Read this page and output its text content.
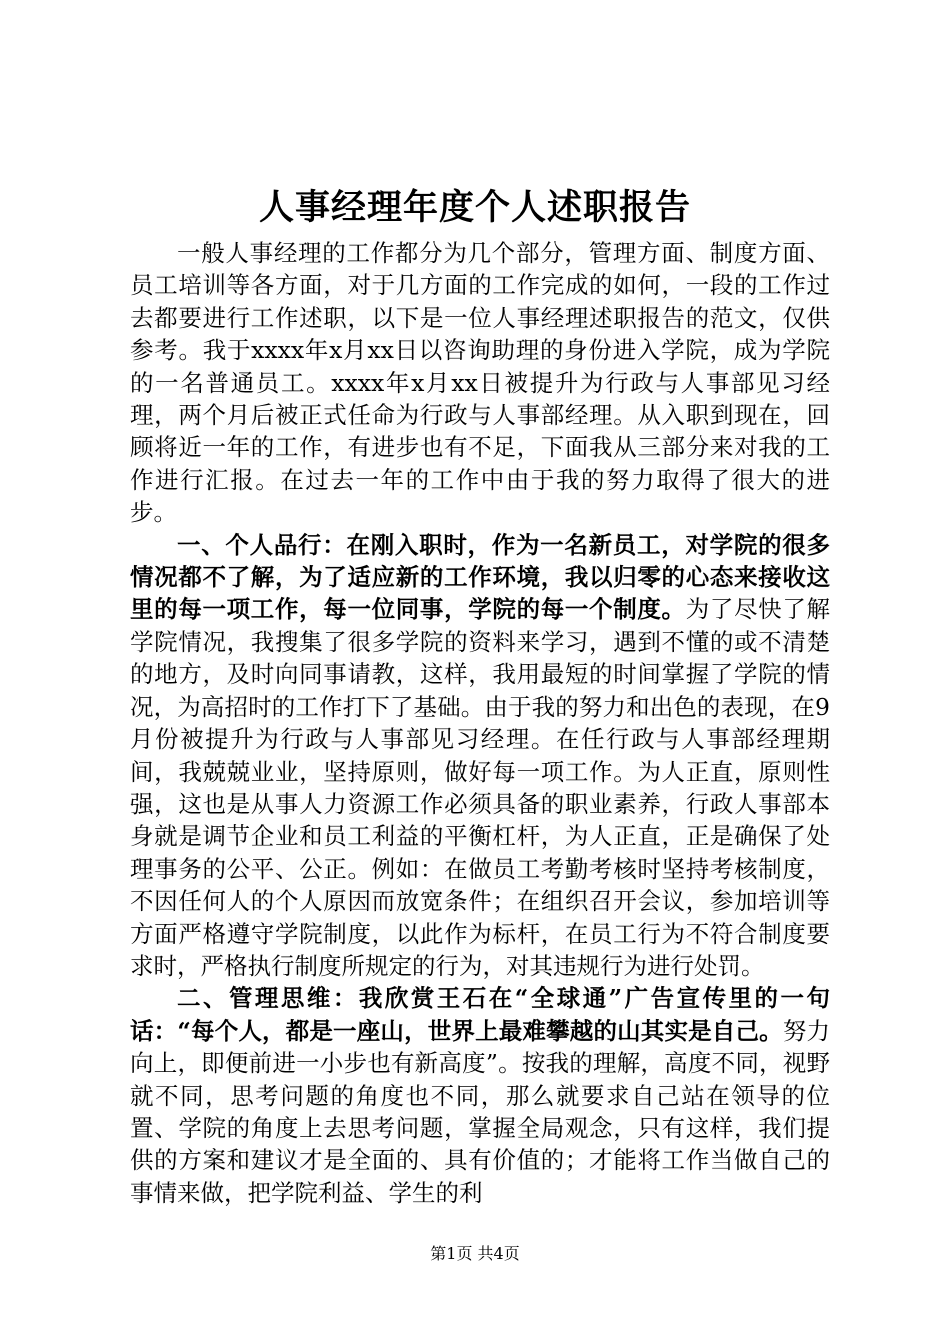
人事经理年度个人述职报告

一般人事经理的工作都分为几个部分，管理方面、制度方面、员工培训等各方面，对于几方面的工作完成的如何，一段的工作过去都要进行工作述职，以下是一位人事经理述职报告的范文，仅供参考。我于xxxx年x月xx日以咨询助理的身份进入学院，成为学院的一名普通员工。xxxx年x月xx日被提升为行政与人事部见习经理，两个月后被正式任命为行政与人事部经理。从入职到现在，回顾将近一年的工作，有进步也有不足，下面我从三部分来对我的工作进行汇报。在过去一年的工作中由于我的努力取得了很大的进步。

一、个人品行：在刚入职时，作为一名新员工，对学院的很多情况都不了解，为了适应新的工作环境，我以归零的心态来接收这里的每一项工作，每一位同事，学院的每一个制度。为了尽快了解学院情况，我搜集了很多学院的资料来学习，遇到不懂的或不清楚的地方，及时向同事请教，这样，我用最短的时间掌握了学院的情况，为高招时的工作打下了基础。由于我的努力和出色的表现，在9月份被提升为行政与人事部见习经理。在任行政与人事部经理期间，我兢兢业业，坚持原则，做好每一项工作。为人正直，原则性强，这也是从事人力资源工作必须具备的职业素养，行政人事部本身就是调节企业和员工利益的平衡杠杆，为人正直，正是确保了处理事务的公平、公正。例如：在做员工考勤考核时坚持考核制度，不因任何人的个人原因而放宽条件；在组织召开会议，参加培训等方面严格遵守学院制度，以此作为标杆，在员工行为不符合制度要求时，严格执行制度所规定的行为，对其违规行为进行处罚。

二、管理思维：我欣赏王石在“全球通”广告宣传里的一句话：“每个人，都是一座山，世界上最难攀越的山其实是自己。努力向上，即便前进一小步也有新高度”。按我的理解，高度不同，视野就不同，思考问题的角度也不同，那么就要求自己站在领导的位置、学院的角度上去思考问题，掌握全局观念，只有这样，我们提供的方案和建议才是全面的、具有价值的；才能将工作当做自己的事情来做，把学院利益、学生的利

第1页 共4页
